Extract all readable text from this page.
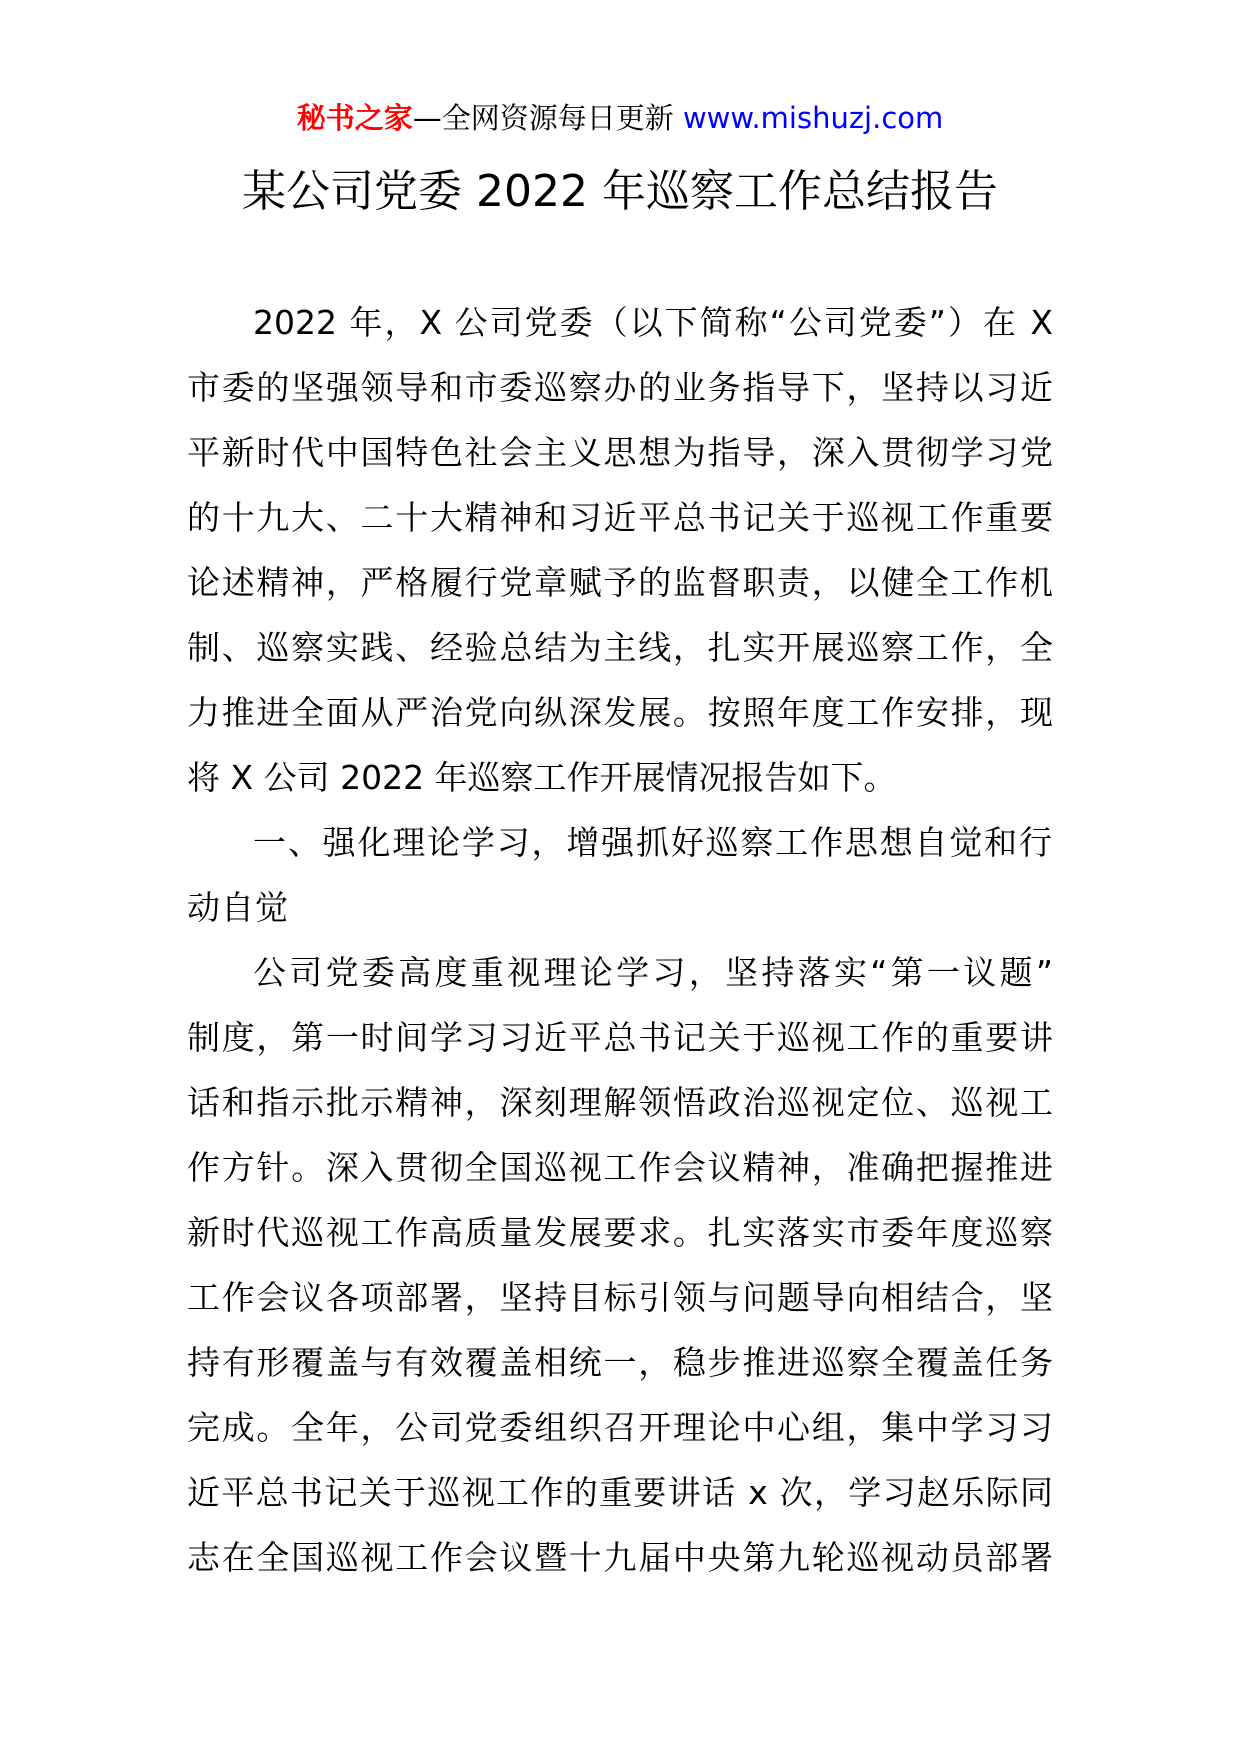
秘书之家—全网资源每日更新 www.mishuzj.com
某公司党委 2022 年巡察工作总结报告
2022 年，X 公司党委（以下简称“公司党委”）在 X
市委的坚强领导和市委巡察办的业务指导下，坚持以习近
平新时代中国特色社会主义思想为指导，深入贯彻学习党
的十九大、二十大精神和习近平总书记关于巡视工作重要
论述精神，严格履行党章赋予的监督职责，以健全工作机
制、巡察实践、经验总结为主线，扎实开展巡察工作，全
力推进全面从严治党向纵深发展。按照年度工作安排，现
将 X 公司 2022 年巡察工作开展情况报告如下。
一、强化理论学习，增强抓好巡察工作思想自觉和行
动自觉
公司党委高度重视理论学习，坚持落实“第一议题”
制度，第一时间学习习近平总书记关于巡视工作的重要讲
话和指示批示精神，深刻理解领悟政治巡视定位、巡视工
作方针。深入贯彻全国巡视工作会议精神，准确把握推进
新时代巡视工作高质量发展要求。扎实落实市委年度巡察
工作会议各项部署，坚持目标引领与问题导向相结合，坚
持有形覆盖与有效覆盖相统一，稳步推进巡察全覆盖任务
完成。全年，公司党委组织召开理论中心组，集中学习习
近平总书记关于巡视工作的重要讲话 x 次，学习赵乐际同
志在全国巡视工作会议暨十九届中央第九轮巡视动员部署
